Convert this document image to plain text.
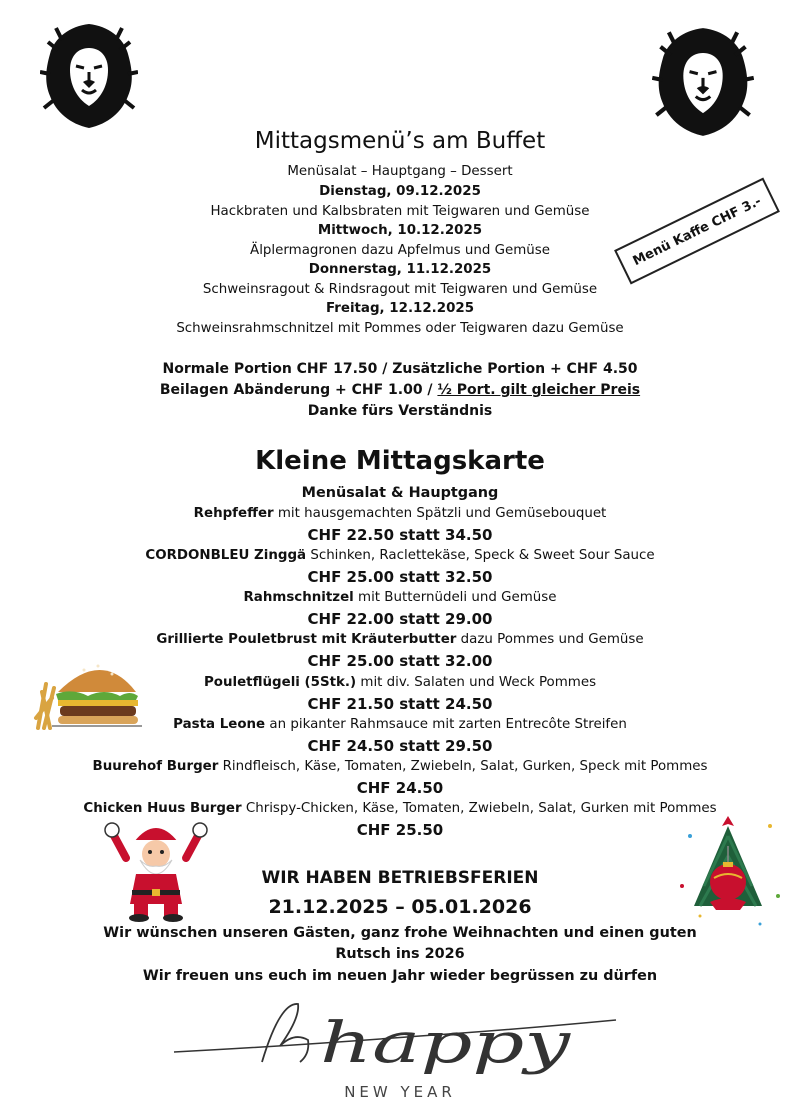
Mittagsmenü’s am Buffet
Menüsalat – Hauptgang – Dessert
Dienstag, 09.12.2025
Hackbraten und Kalbsbraten mit Teigwaren und Gemüse
Mittwoch, 10.12.2025
Älplermagronen dazu Apfelmus und Gemüse
Donnerstag, 11.12.2025
Schweinsragout & Rindsragout mit Teigwaren und Gemüse
Freitag, 12.12.2025
Schweinsrahmschnitzel mit Pommes oder Teigwaren dazu Gemüse
Normale Portion CHF 17.50 / Zusätzliche Portion + CHF 4.50
Beilagen Abänderung + CHF 1.00 / ½ Port. gilt gleicher Preis
Danke fürs Verständnis
Menü Kaffe CHF 3.-
Kleine Mittagskarte
Menüsalat & Hauptgang
Rehpfeffer mit hausgemachten Spätzli und Gemüsebouquet
CHF 22.50 statt 34.50
CORDONBLEU Zinggä Schinken, Raclettekäse, Speck & Sweet Sour Sauce
CHF 25.00 statt 32.50
Rahmschnitzel mit Butternüdeli und Gemüse
CHF 22.00 statt 29.00
Grillierte Pouletbrust mit Kräuterbutter dazu Pommes und Gemüse
CHF 25.00 statt 32.00
Pouletflügeli (5Stk.) mit div. Salaten und Weck Pommes
CHF 21.50 statt 24.50
Pasta Leone an pikanter Rahmsauce mit zarten Entrecôte Streifen
CHF 24.50 statt 29.50
Buurehof Burger Rindfleisch, Käse, Tomaten, Zwiebeln, Salat, Gurken, Speck mit Pommes
CHF 24.50
Chicken Huus Burger Chrispy-Chicken, Käse, Tomaten, Zwiebeln, Salat, Gurken mit Pommes
CHF 25.50
WIR HABEN BETRIEBSFERIEN
21.12.2025 – 05.01.2026
Wir wünschen unseren Gästen, ganz frohe Weihnachten und einen guten
Rutsch ins 2026
Wir freuen uns euch im neuen Jahr wieder begrüssen zu dürfen
happy
NEW YEAR
